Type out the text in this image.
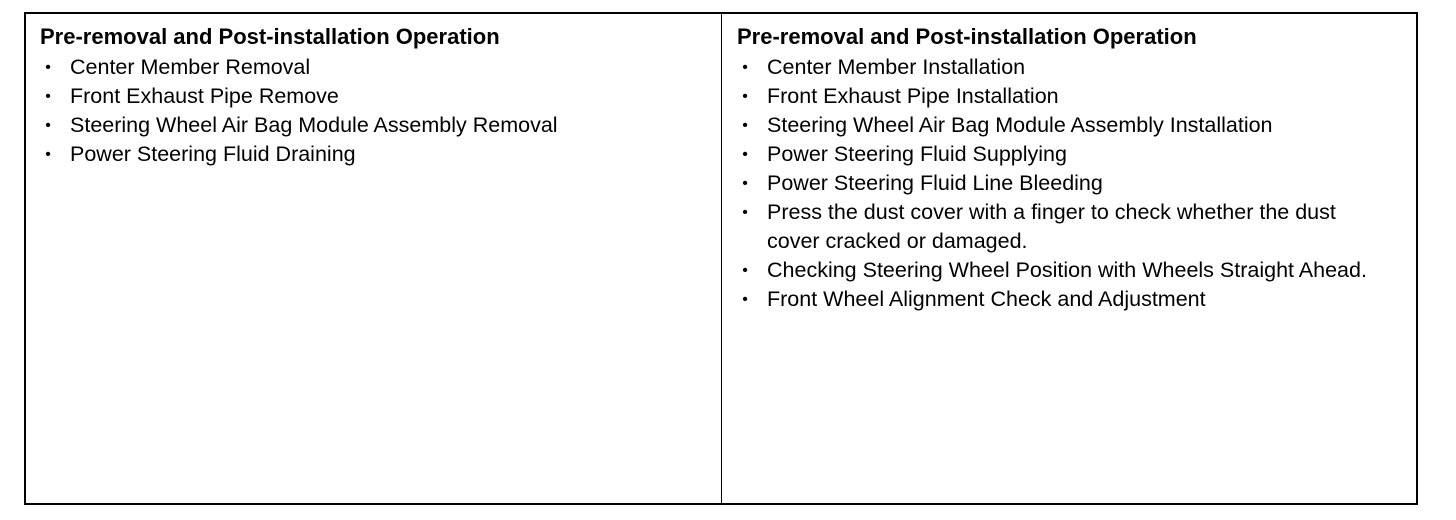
Pre-removal and Post-installation Operation
• Center Member Removal
• Front Exhaust Pipe Remove
• Steering Wheel Air Bag Module Assembly Removal
• Power Steering Fluid Draining
Pre-removal and Post-installation Operation
• Center Member Installation
• Front Exhaust Pipe Installation
• Steering Wheel Air Bag Module Assembly Installation
• Power Steering Fluid Supplying
• Power Steering Fluid Line Bleeding
• Press the dust cover with a finger to check whether the dust cover cracked or damaged.
• Checking Steering Wheel Position with Wheels Straight Ahead.
• Front Wheel Alignment Check and Adjustment
